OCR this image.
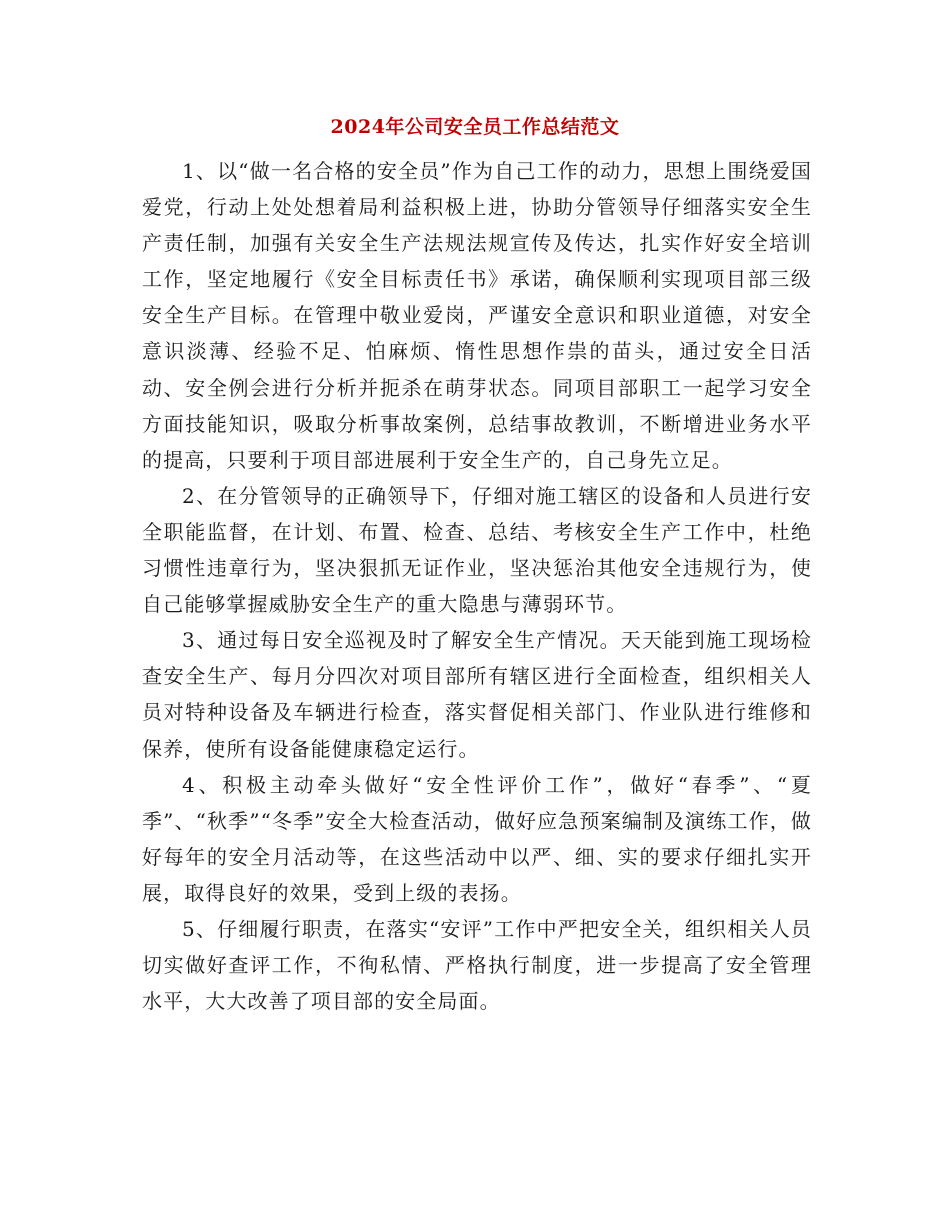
2024年公司安全员工作总结范文

1、以“做一名合格的安全员”作为自己工作的动力，思想上围绕爱国爱党，行动上处处想着局利益积极上进，协助分管领导仔细落实安全生产责任制，加强有关安全生产法规法规宣传及传达，扎实作好安全培训工作，坚定地履行《安全目标责任书》承诺，确保顺利实现项目部三级安全生产目标。在管理中敬业爱岗，严谨安全意识和职业道德，对安全意识淡薄、经验不足、怕麻烦、惰性思想作祟的苗头，通过安全日活动、安全例会进行分析并扼杀在萌芽状态。同项目部职工一起学习安全方面技能知识，吸取分析事故案例，总结事故教训，不断增进业务水平的提高，只要利于项目部进展利于安全生产的，自己身先立足。

2、在分管领导的正确领导下，仔细对施工辖区的设备和人员进行安全职能监督，在计划、布置、检查、总结、考核安全生产工作中，杜绝习惯性违章行为，坚决狠抓无证作业，坚决惩治其他安全违规行为，使自己能够掌握威胁安全生产的重大隐患与薄弱环节。

3、通过每日安全巡视及时了解安全生产情况。天天能到施工现场检查安全生产、每月分四次对项目部所有辖区进行全面检查，组织相关人员对特种设备及车辆进行检查，落实督促相关部门、作业队进行维修和保养，使所有设备能健康稳定运行。

4、积极主动牵头做好“安全性评价工作”，做好“春季”、“夏季”、“秋季”“冬季”安全大检查活动，做好应急预案编制及演练工作，做好每年的安全月活动等，在这些活动中以严、细、实的要求仔细扎实开展，取得良好的效果，受到上级的表扬。

5、仔细履行职责，在落实“安评”工作中严把安全关，组织相关人员切实做好查评工作，不徇私情、严格执行制度，进一步提高了安全管理水平，大大改善了项目部的安全局面。
